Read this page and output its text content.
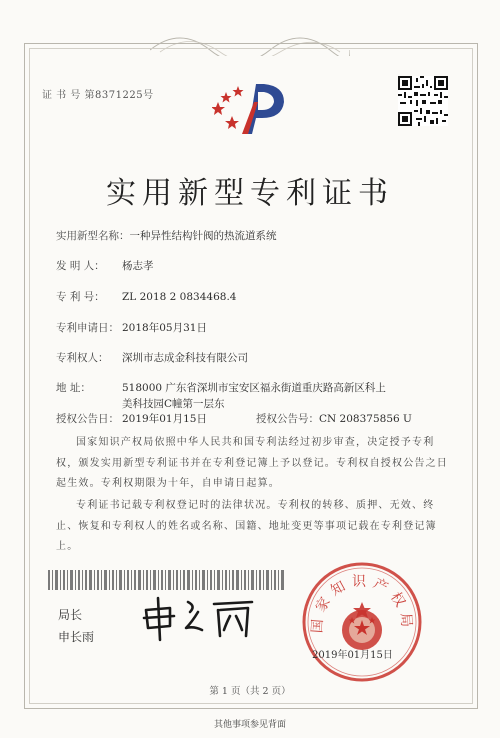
证 书 号 第8371225号
实用新型专利证书
实用新型名称：一种异性结构针阀的热流道系统
发 明 人： 杨志孝
专 利 号： ZL 2018 2 0834468.4
专利申请日： 2018年05月31日
专利权人： 深圳市志成金科技有限公司
地 址：	518000 广东省深圳市宝安区福永街道重庆路高新区科上
美科技园C幢第一层东
授权公告日： 2019年01月15日	授权公告号：CN 208375856 U
国家知识产权局依照中华人民共和国专利法经过初步审查，决定授予专利权，颁发实用新型专利证书并在专利登记簿上予以登记。专利权自授权公告之日起生效。专利权期限为十年，自申请日起算。
专利证书记载专利权登记时的法律状况。专利权的转移、质押、无效、终止、恢复和专利权人的姓名或名称、国籍、地址变更等事项记载在专利登记簿上。
局长
申长雨
国家知识产权局
2019年01月15日
第 1 页（共 2 页）
其他事项参见背面
